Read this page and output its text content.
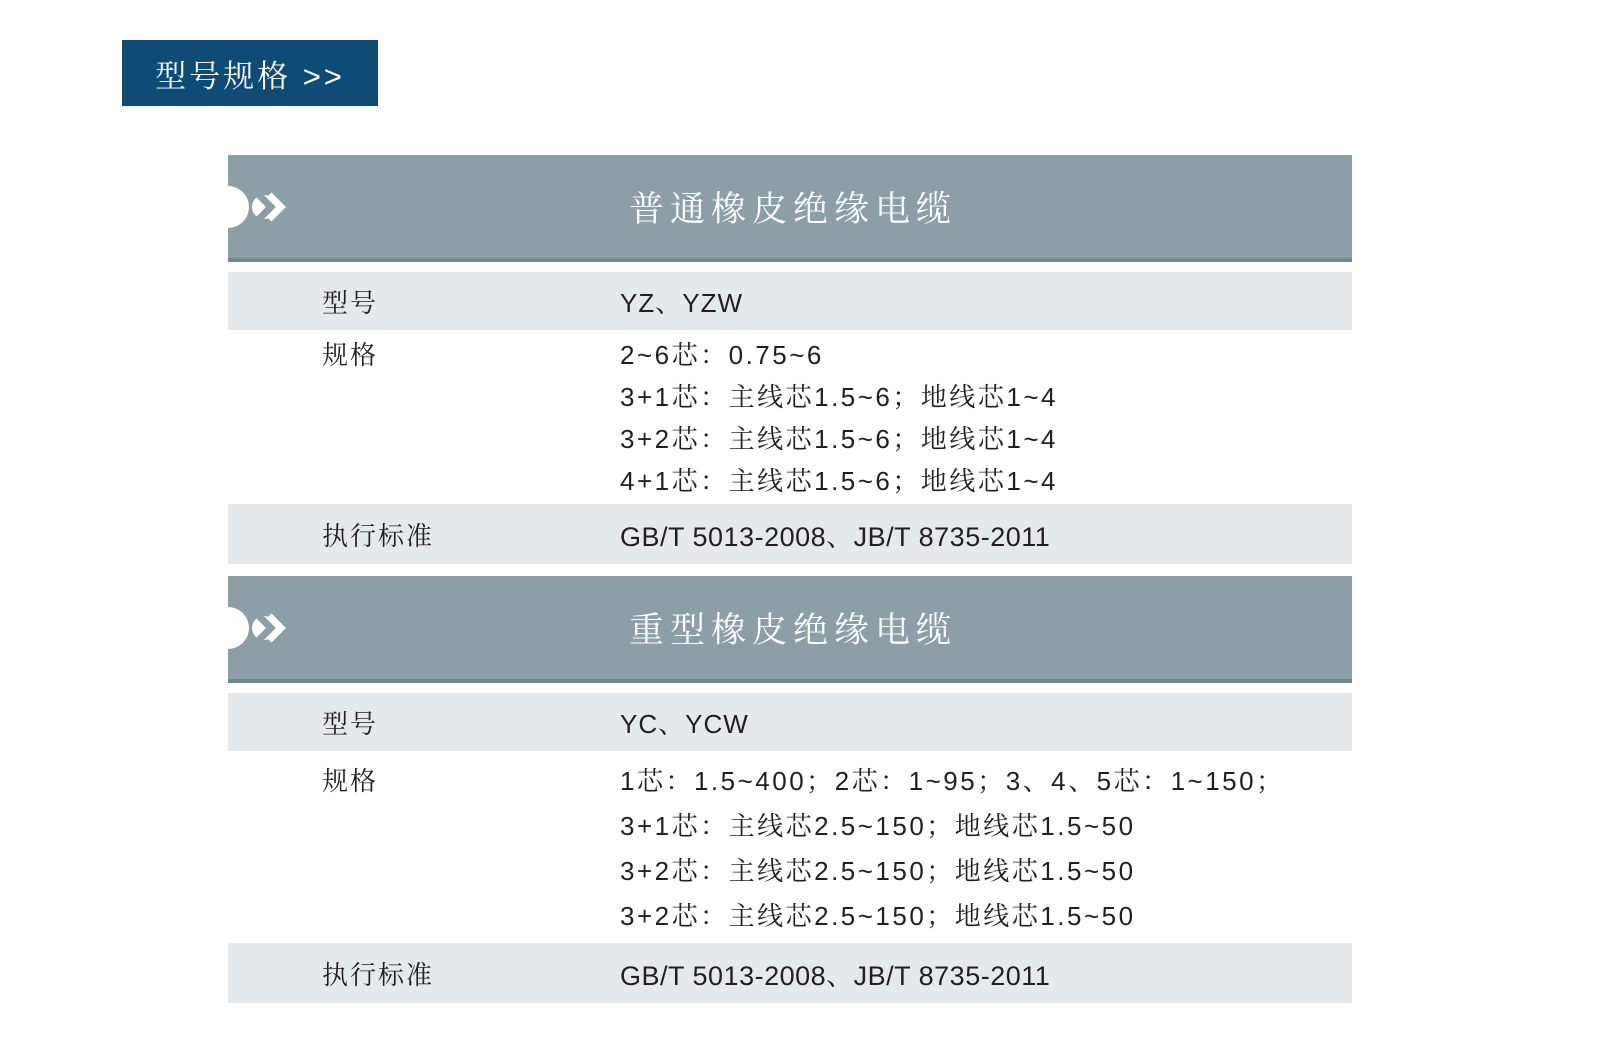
型号规格 >>
普通橡皮绝缘电缆
型号	YZ、YZW
规格	2~6芯：0.75~6
3+1芯：主线芯1.5~6；地线芯1~4
3+2芯：主线芯1.5~6；地线芯1~4
4+1芯：主线芯1.5~6；地线芯1~4
执行标准	GB/T 5013-2008、JB/T 8735-2011
重型橡皮绝缘电缆
型号	YC、YCW
规格	1芯：1.5~400；2芯：1~95；3、4、5芯：1~150；
3+1芯：主线芯2.5~150；地线芯1.5~50
3+2芯：主线芯2.5~150；地线芯1.5~50
3+2芯：主线芯2.5~150；地线芯1.5~50
执行标准	GB/T 5013-2008、JB/T 8735-2011
